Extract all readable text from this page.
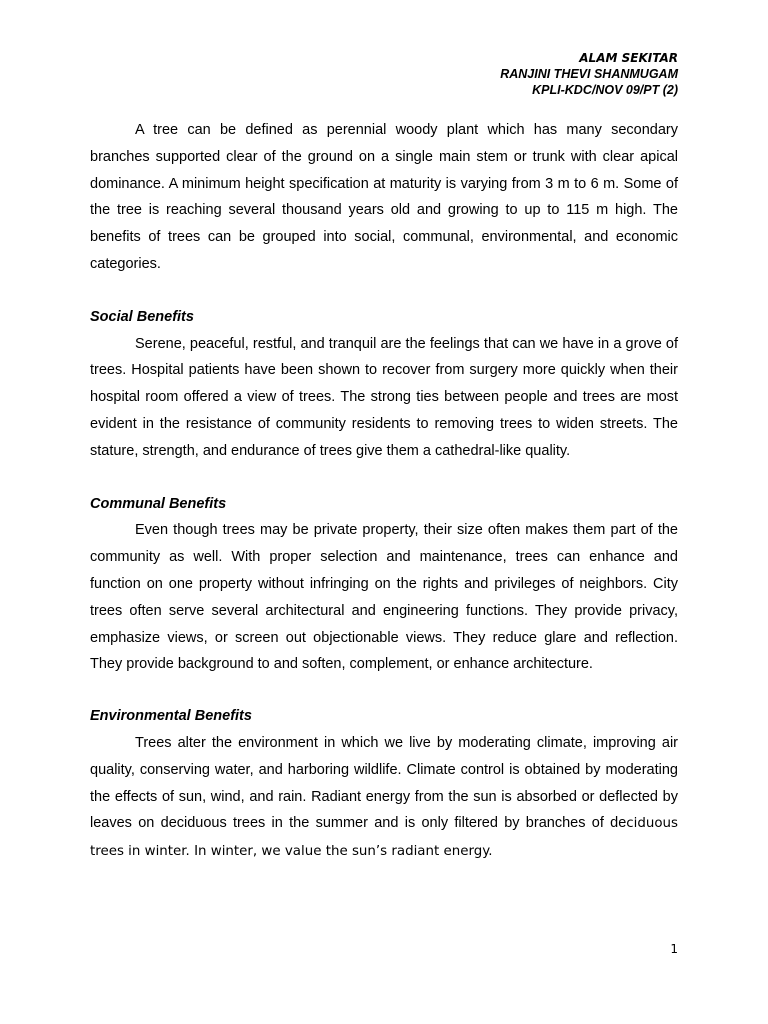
ALAM SEKITAR
RANJINI THEVI SHANMUGAM
KPLI-KDC/NOV 09/PT (2)

A tree can be defined as perennial woody plant which has many secondary branches supported clear of the ground on a single main stem or trunk with clear apical dominance. A minimum height specification at maturity is varying from 3 m to 6 m. Some of the tree is reaching several thousand years old and growing to up to 115 m high. The benefits of trees can be grouped into social, communal, environmental, and economic categories.

Social Benefits

Serene, peaceful, restful, and tranquil are the feelings that can we have in a grove of trees. Hospital patients have been shown to recover from surgery more quickly when their hospital room offered a view of trees. The strong ties between people and trees are most evident in the resistance of community residents to removing trees to widen streets. The stature, strength, and endurance of trees give them a cathedral-like quality.

Communal Benefits

Even though trees may be private property, their size often makes them part of the community as well. With proper selection and maintenance, trees can enhance and function on one property without infringing on the rights and privileges of neighbors. City trees often serve several architectural and engineering functions. They provide privacy, emphasize views, or screen out objectionable views. They reduce glare and reflection. They provide background to and soften, complement, or enhance architecture.

Environmental Benefits

Trees alter the environment in which we live by moderating climate, improving air quality, conserving water, and harboring wildlife. Climate control is obtained by moderating the effects of sun, wind, and rain. Radiant energy from the sun is absorbed or deflected by leaves on deciduous trees in the summer and is only filtered by branches of deciduous trees in winter. In winter, we value the sun’s radiant energy.

1
